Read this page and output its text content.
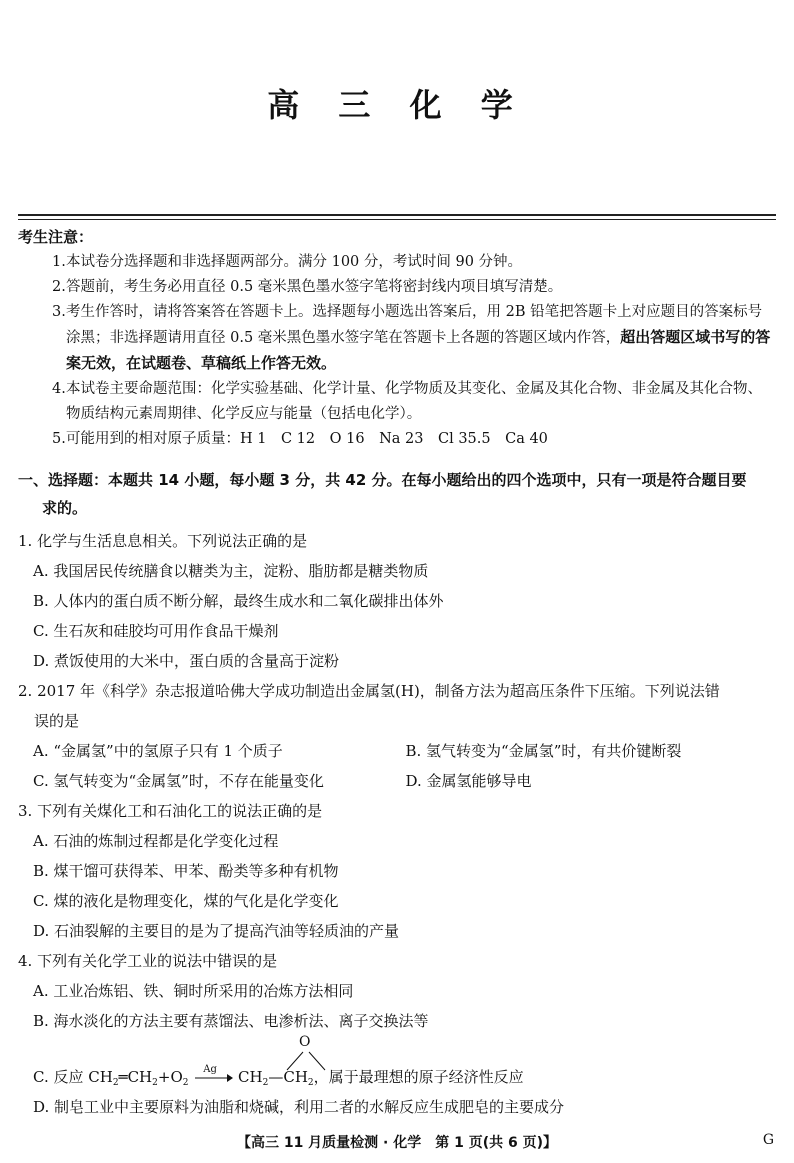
高 三 化 学
考生注意：
1. 本试卷分选择题和非选择题两部分。满分 100 分，考试时间 90 分钟。
2. 答题前，考生务必用直径 0.5 毫米黑色墨水签字笔将密封线内项目填写清楚。
3. 考生作答时，请将答案答在答题卡上。选择题每小题选出答案后，用 2B 铅笔把答题卡上对应题目的答案标号涂黑；非选择题请用直径 0.5 毫米黑色墨水签字笔在答题卡上各题的答题区域内作答，超出答题区域书写的答案无效，在试题卷、草稿纸上作答无效。
4. 本试卷主要命题范围：化学实验基础、化学计量、化学物质及其变化、金属及其化合物、非金属及其化合物、物质结构元素周期律、化学反应与能量（包括电化学）。
5. 可能用到的相对原子质量：H 1　C 12　O 16　Na 23　Cl 35.5　Ca 40
一、选择题：本题共 14 小题，每小题 3 分，共 42 分。在每小题给出的四个选项中，只有一项是符合题目要
求的。
1. 化学与生活息息相关。下列说法正确的是
A. 我国居民传统膳食以糖类为主，淀粉、脂肪都是糖类物质
B. 人体内的蛋白质不断分解，最终生成水和二氧化碳排出体外
C. 生石灰和硅胶均可用作食品干燥剂
D. 煮饭使用的大米中，蛋白质的含量高于淀粉
2. 2017 年《科学》杂志报道哈佛大学成功制造出金属氢(H)，制备方法为超高压条件下压缩。下列说法错
误的是
A. “金属氢”中的氢原子只有 1 个质子	B. 氢气转变为“金属氢”时，有共价键断裂
C. 氢气转变为“金属氢”时，不存在能量变化	D. 金属氢能够导电
3. 下列有关煤化工和石油化工的说法正确的是
A. 石油的炼制过程都是化学变化过程
B. 煤干馏可获得苯、甲苯、酚类等多种有机物
C. 煤的液化是物理变化，煤的气化是化学变化
D. 石油裂解的主要目的是为了提高汽油等轻质油的产量
4. 下列有关化学工业的说法中错误的是
A. 工业冶炼铝、铁、铜时所采用的冶炼方法相同
B. 海水淡化的方法主要有蒸馏法、电渗析法、离子交换法等
C. 反应 $CH_2═CH_2+O_2$
Ag $CH_2—CH_2$，属于最理想的原子经济性反应
O
D. 制皂工业中主要原料为油脂和烧碱，利用二者的水解反应生成肥皂的主要成分
【高三 11 月质量检测 · 化学　第 1 页(共 6 页)】	G
